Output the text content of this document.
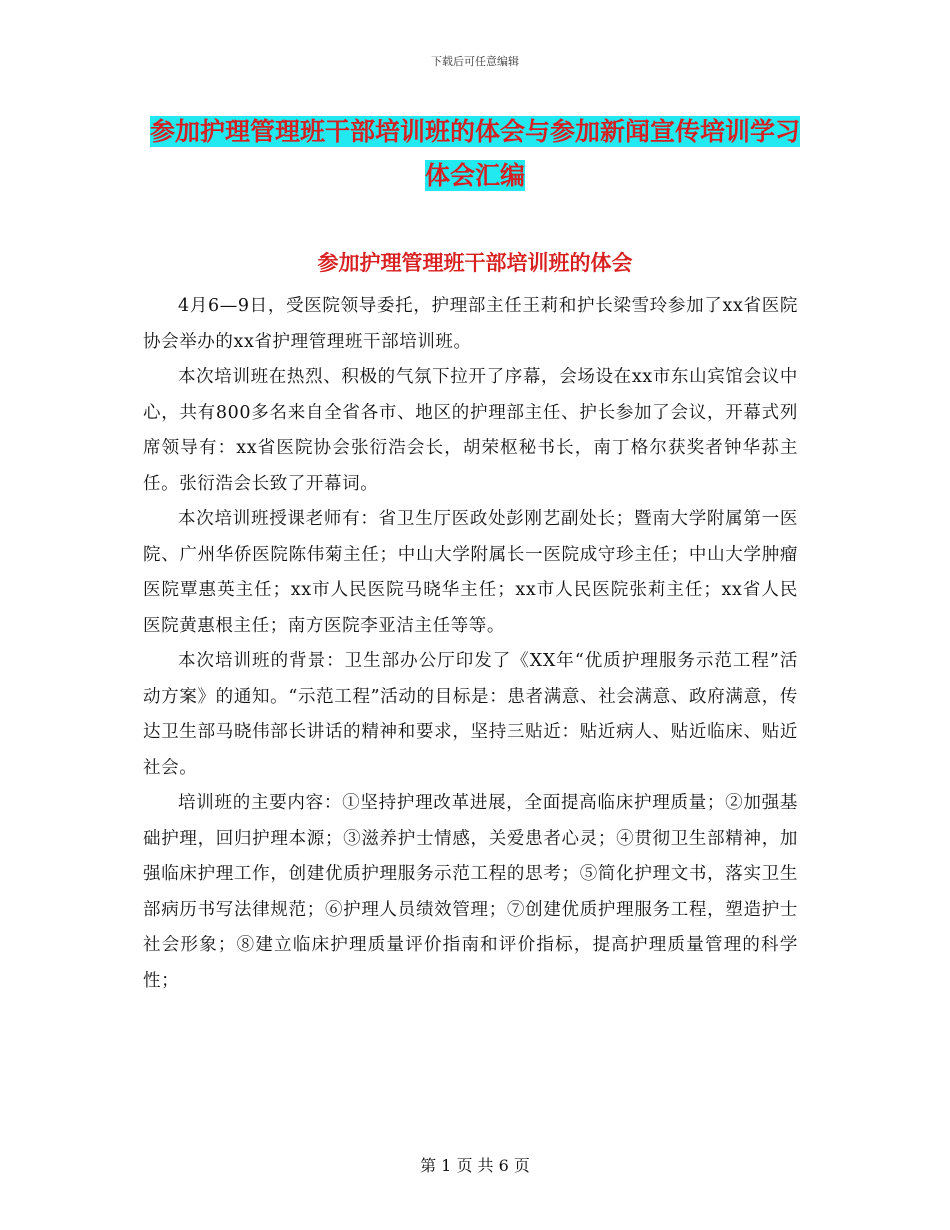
下载后可任意编辑
参加护理管理班干部培训班的体会与参加新闻宣传培训学习体会汇编
参加护理管理班干部培训班的体会

4月6—9日，受医院领导委托，护理部主任王莉和护长梁雪玲参加了xx省医院协会举办的xx省护理管理班干部培训班。

本次培训班在热烈、积极的气氛下拉开了序幕，会场设在xx市东山宾馆会议中心，共有800多名来自全省各市、地区的护理部主任、护长参加了会议，开幕式列席领导有：xx省医院协会张衍浩会长，胡荣枢秘书长，南丁格尔获奖者钟华荪主任。张衍浩会长致了开幕词。

本次培训班授课老师有：省卫生厅医政处彭刚艺副处长；暨南大学附属第一医院、广州华侨医院陈伟菊主任；中山大学附属长一医院成守珍主任；中山大学肿瘤医院覃惠英主任；xx市人民医院马晓华主任；xx市人民医院张莉主任；xx省人民医院黄惠根主任；南方医院李亚洁主任等等。

本次培训班的背景：卫生部办公厅印发了《XX年“优质护理服务示范工程”活动方案》的通知。“示范工程”活动的目标是：患者满意、社会满意、政府满意，传达卫生部马晓伟部长讲话的精神和要求，坚持三贴近：贴近病人、贴近临床、贴近社会。

培训班的主要内容：①坚持护理改革进展，全面提高临床护理质量；②加强基础护理，回归护理本源；③滋养护士情感，关爱患者心灵；④贯彻卫生部精神，加强临床护理工作，创建优质护理服务示范工程的思考；⑤简化护理文书，落实卫生部病历书写法律规范；⑥护理人员绩效管理；⑦创建优质护理服务工程，塑造护士社会形象；⑧建立临床护理质量评价指南和评价指标，提高护理质量管理的科学性；

第 1 页 共 6 页
